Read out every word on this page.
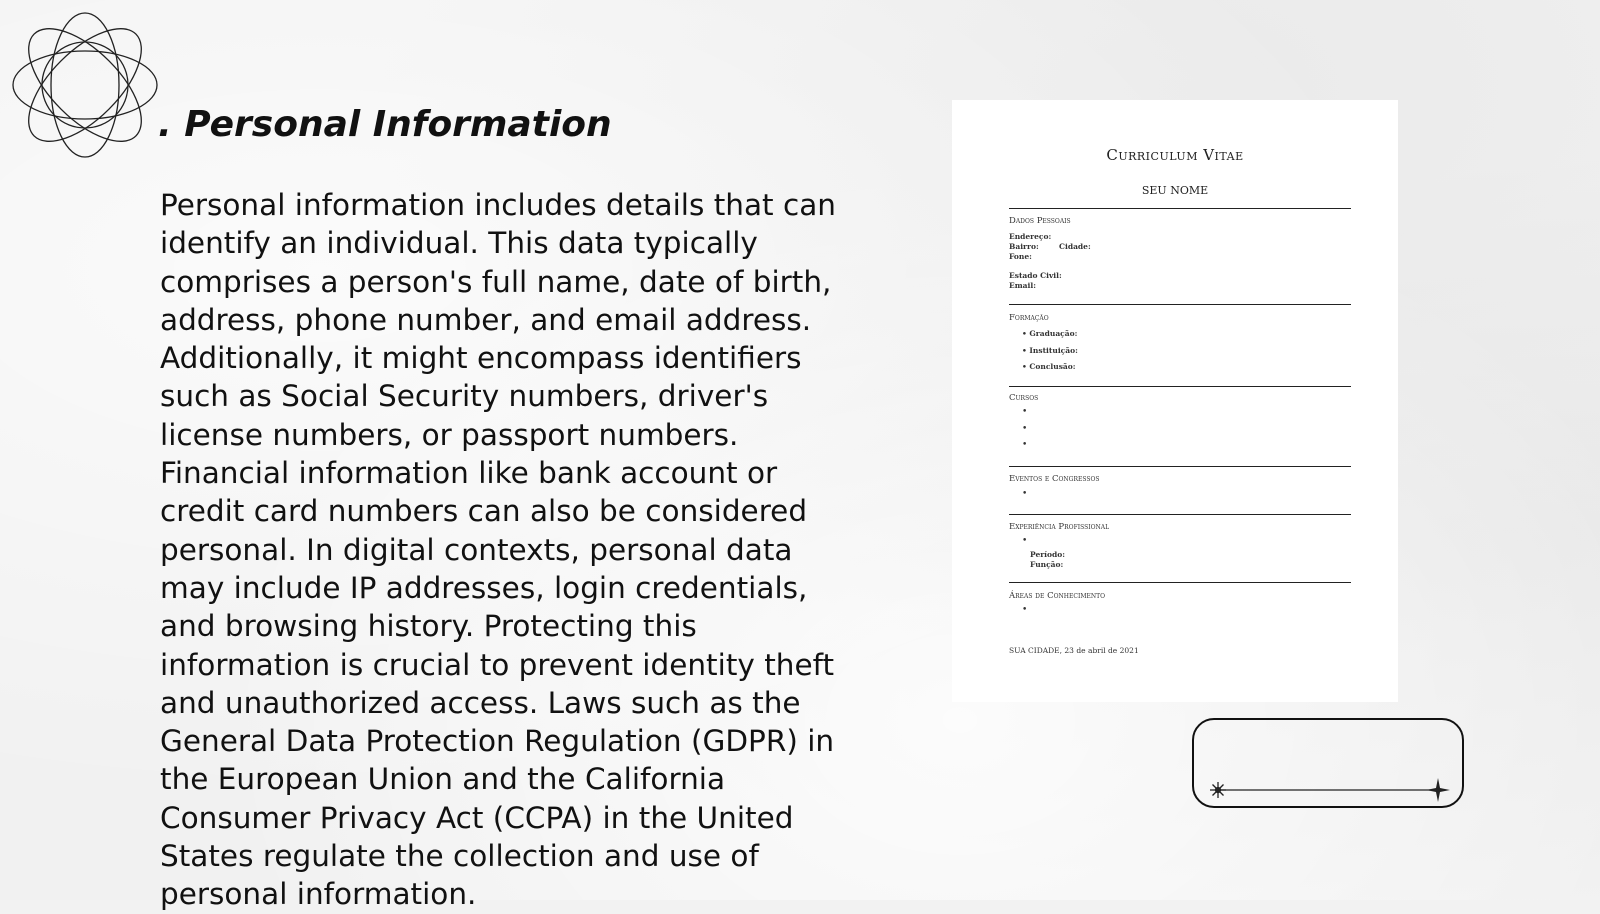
. Personal Information

Personal information includes details that can identify an individual. This data typically comprises a person's full name, date of birth, address, phone number, and email address. Additionally, it might encompass identifiers such as Social Security numbers, driver's license numbers, or passport numbers. Financial information like bank account or credit card numbers can also be considered personal. In digital contexts, personal data may include IP addresses, login credentials, and browsing history. Protecting this information is crucial to prevent identity theft and unauthorized access. Laws such as the General Data Protection Regulation (GDPR) in the European Union and the California Consumer Privacy Act (CCPA) in the United States regulate the collection and use of personal information.

Curriculum Vitae
SEU NOME
Dados Pessoais
Endereço:
Bairro:	Cidade:
Fone:
Estado Civil:
Email:
Formação
• Graduação:
• Instituição:
• Conclusão:
Cursos
•
•
•
Eventos e Congressos
•
Experiência Profissional
•
Período:
Função:
Áreas de Conhecimento
•
SUA CIDADE, 23 de abril de 2021
